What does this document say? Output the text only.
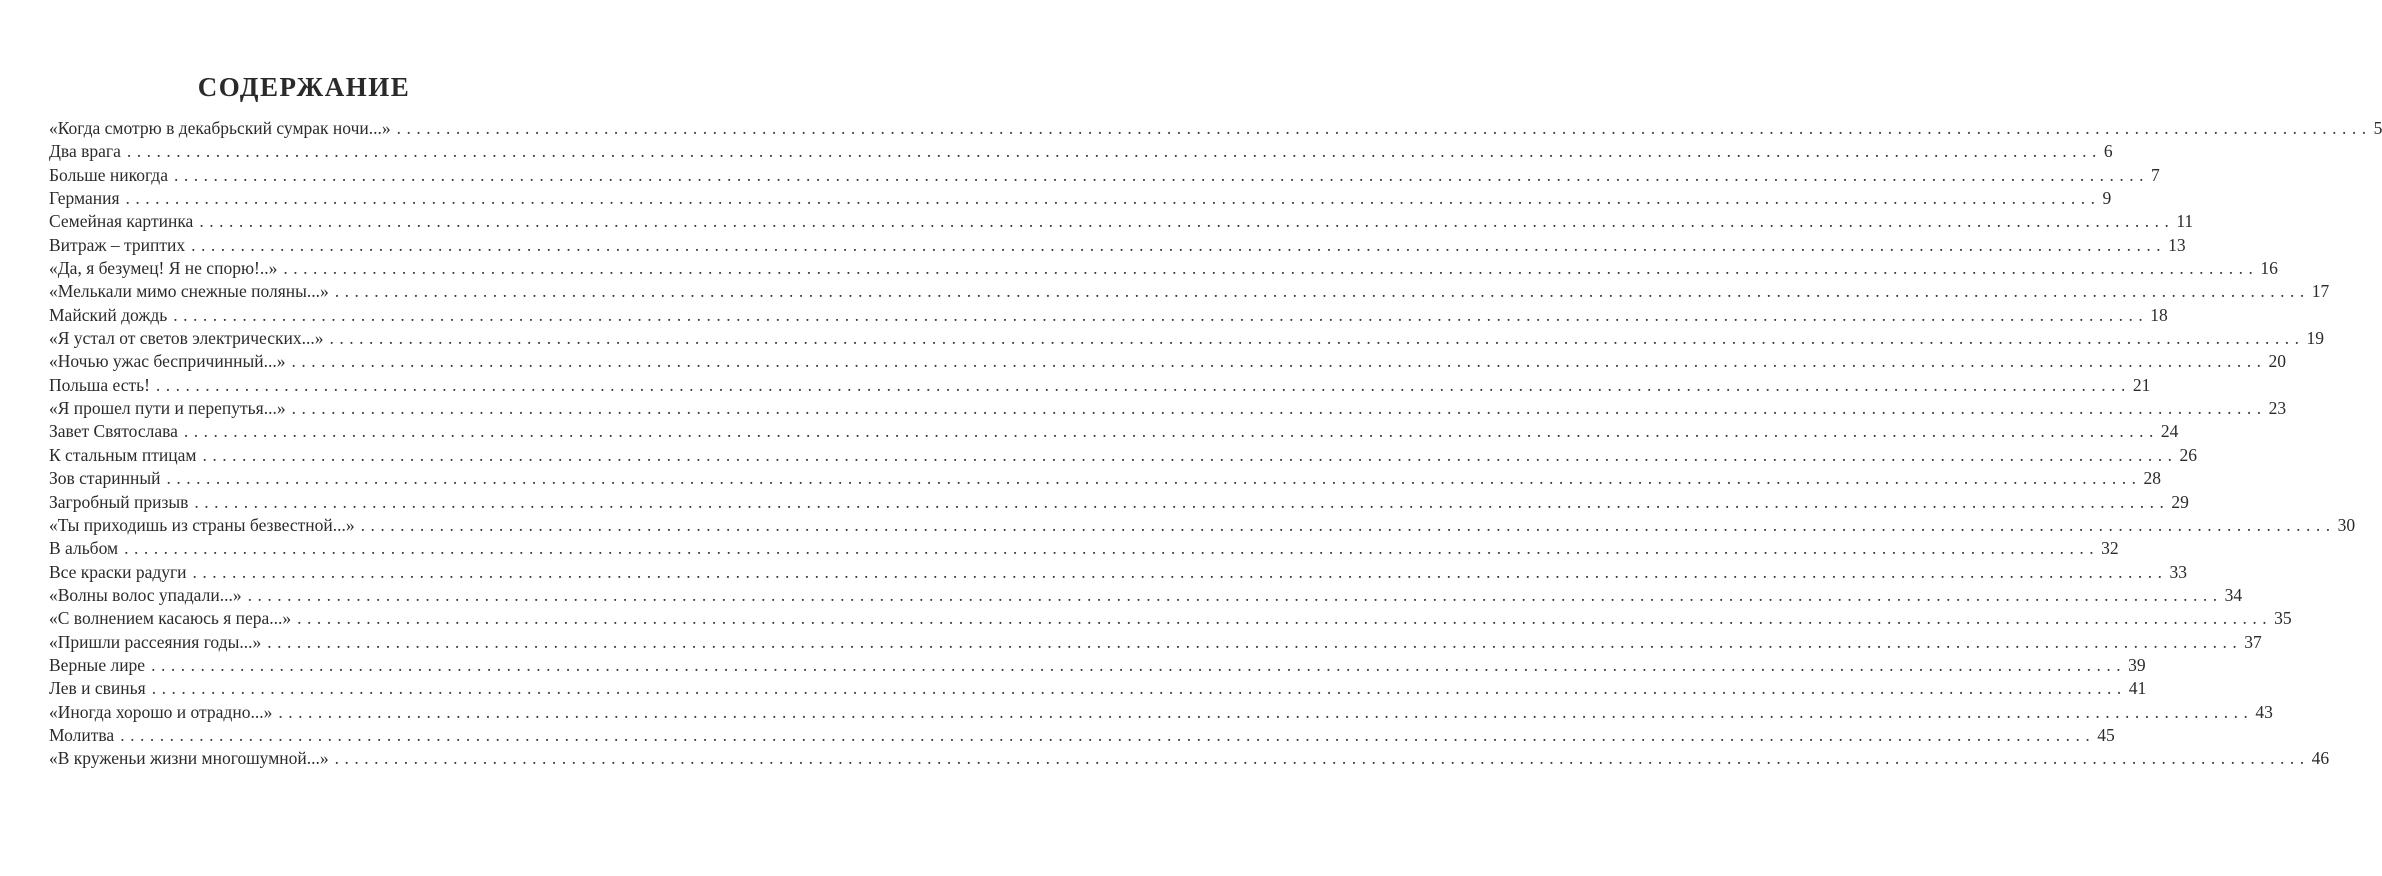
СОДЕРЖАНИЕ
«Когда смотрю в декабрьский сумрак ночи...» ........................................................................................................................................................................................................ 5
Два врага ........................................................................................................................................................................................................ 6
Больше никогда ........................................................................................................................................................................................................ 7
Германия ........................................................................................................................................................................................................ 9
Семейная картинка ........................................................................................................................................................................................................ 11
Витраж – триптих ........................................................................................................................................................................................................ 13
«Да, я безумец! Я не спорю!..» ........................................................................................................................................................................................................ 16
«Мелькали мимо снежные поляны...» ........................................................................................................................................................................................................ 17
Майский дождь ........................................................................................................................................................................................................ 18
«Я устал от светов электрических...» ........................................................................................................................................................................................................ 19
«Ночью ужас беспричинный...» ........................................................................................................................................................................................................ 20
Польша есть! ........................................................................................................................................................................................................ 21
«Я прошел пути и перепутья...» ........................................................................................................................................................................................................ 23
Завет Святослава ........................................................................................................................................................................................................ 24
К стальным птицам ........................................................................................................................................................................................................ 26
Зов старинный ........................................................................................................................................................................................................ 28
Загробный призыв ........................................................................................................................................................................................................ 29
«Ты приходишь из страны безвестной...» ........................................................................................................................................................................................................ 30
В альбом ........................................................................................................................................................................................................ 32
Все краски радуги ........................................................................................................................................................................................................ 33
«Волны волос упадали...» ........................................................................................................................................................................................................ 34
«С волнением касаюсь я пера...» ........................................................................................................................................................................................................ 35
«Пришли рассеяния годы...» ........................................................................................................................................................................................................ 37
Верные лире ........................................................................................................................................................................................................ 39
Лев и свинья ........................................................................................................................................................................................................ 41
«Иногда хорошо и отрадно...» ........................................................................................................................................................................................................ 43
Молитва ........................................................................................................................................................................................................ 45
«В круженьи жизни многошумной...» ........................................................................................................................................................................................................ 46
